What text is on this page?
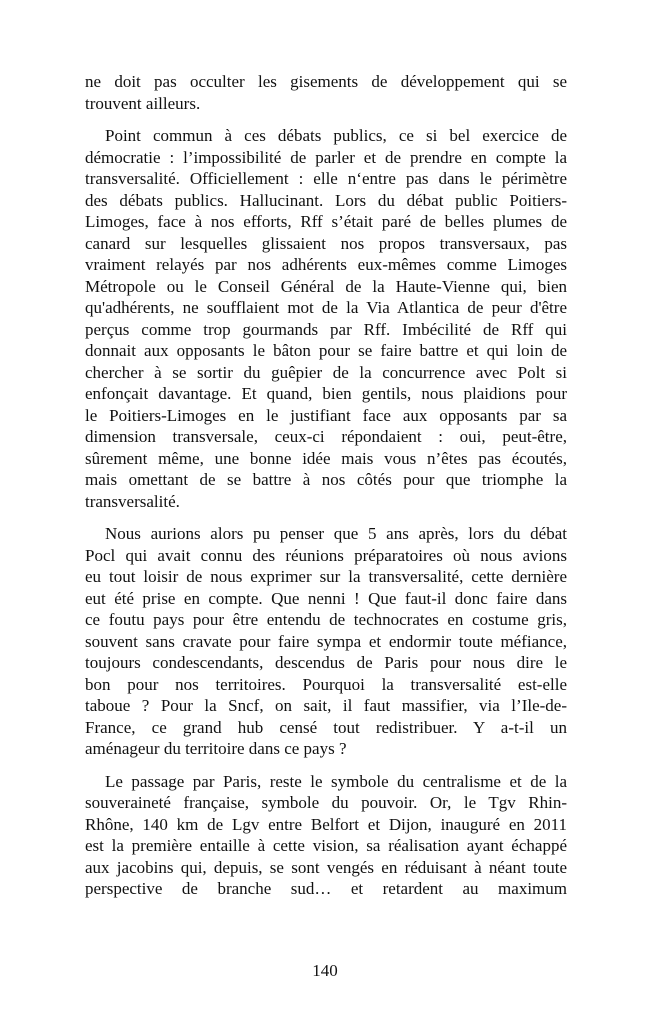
ne doit pas occulter les gisements de développement qui se
trouvent ailleurs.
Point commun à ces débats publics, ce si bel exercice de
démocratie : l’impossibilité de parler et de prendre en compte la
transversalité. Officiellement : elle n‘entre pas dans le périmètre
des débats publics. Hallucinant. Lors du débat public Poitiers-
Limoges, face à nos efforts, Rff s’était paré de belles plumes de
canard sur lesquelles glissaient nos propos transversaux, pas
vraiment relayés par nos adhérents eux-mêmes comme Limoges
Métropole ou le Conseil Général de la Haute-Vienne qui, bien
qu'adhérents, ne soufflaient mot de la Via Atlantica de peur d'être
perçus comme trop gourmands par Rff. Imbécilité de Rff qui
donnait aux opposants le bâton pour se faire battre et qui loin de
chercher à se sortir du guêpier de la concurrence avec Polt si
enfonçait davantage. Et quand, bien gentils, nous plaidions pour
le Poitiers-Limoges en le justifiant face aux opposants par sa
dimension transversale, ceux-ci répondaient : oui, peut-être,
sûrement même, une bonne idée mais vous n’êtes pas écoutés,
mais omettant de se battre à nos côtés pour que triomphe la
transversalité.
Nous aurions alors pu penser que 5 ans après, lors du débat
Pocl qui avait connu des réunions préparatoires où nous avions
eu tout loisir de nous exprimer sur la transversalité, cette dernière
eut été prise en compte. Que nenni ! Que faut-il donc faire dans
ce foutu pays pour être entendu de technocrates en costume gris,
souvent sans cravate pour faire sympa et endormir toute méfiance,
toujours condescendants, descendus de Paris pour nous dire le
bon pour nos territoires. Pourquoi la transversalité est-elle
taboue ? Pour la Sncf, on sait, il faut massifier, via l’Ile-de-
France, ce grand hub censé tout redistribuer. Y a-t-il un
aménageur du territoire dans ce pays ?
Le passage par Paris, reste le symbole du centralisme et de la
souveraineté française, symbole du pouvoir. Or, le Tgv Rhin-
Rhône, 140 km de Lgv entre Belfort et Dijon, inauguré en 2011
est la première entaille à cette vision, sa réalisation ayant échappé
aux jacobins qui, depuis, se sont vengés en réduisant à néant toute
perspective de branche sud… et retardent au maximum
140
